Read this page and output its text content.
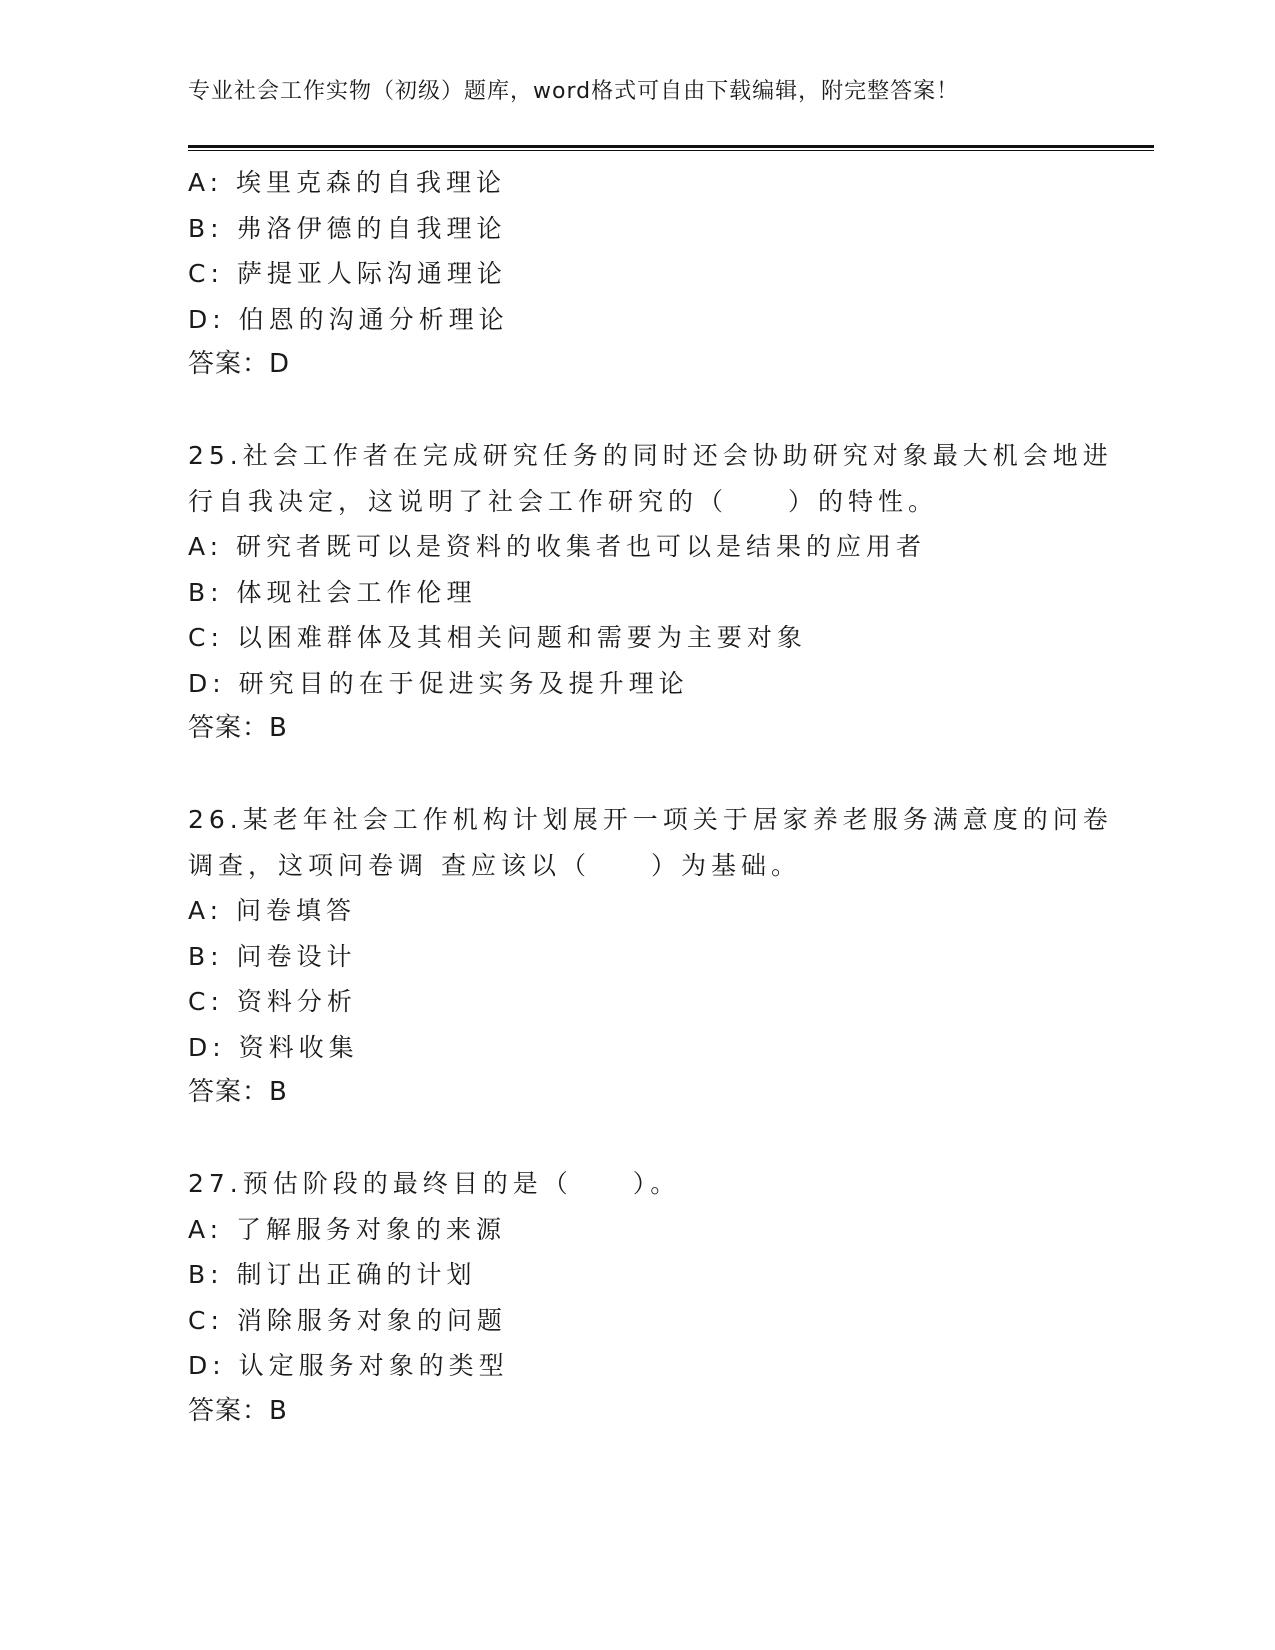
专业社会工作实物（初级）题库，word格式可自由下载编辑，附完整答案！
A: 埃里克森的自我理论
B: 弗洛伊德的自我理论
C: 萨提亚人际沟通理论
D: 伯恩的沟通分析理论
答案：D
25.社会工作者在完成研究任务的同时还会协助研究对象最大机会地进
行自我决定，这说明了社会工作研究的（　　）的特性。
A: 研究者既可以是资料的收集者也可以是结果的应用者
B: 体现社会工作伦理
C: 以困难群体及其相关问题和需要为主要对象
D: 研究目的在于促进实务及提升理论
答案：B
26.某老年社会工作机构计划展开一项关于居家养老服务满意度的问卷
调查，这项问卷调 查应该以（　　）为基础。
A: 问卷填答
B: 问卷设计
C: 资料分析
D: 资料收集
答案：B
27.预估阶段的最终目的是（　　）。
A: 了解服务对象的来源
B: 制订出正确的计划
C: 消除服务对象的问题
D: 认定服务对象的类型
答案：B
